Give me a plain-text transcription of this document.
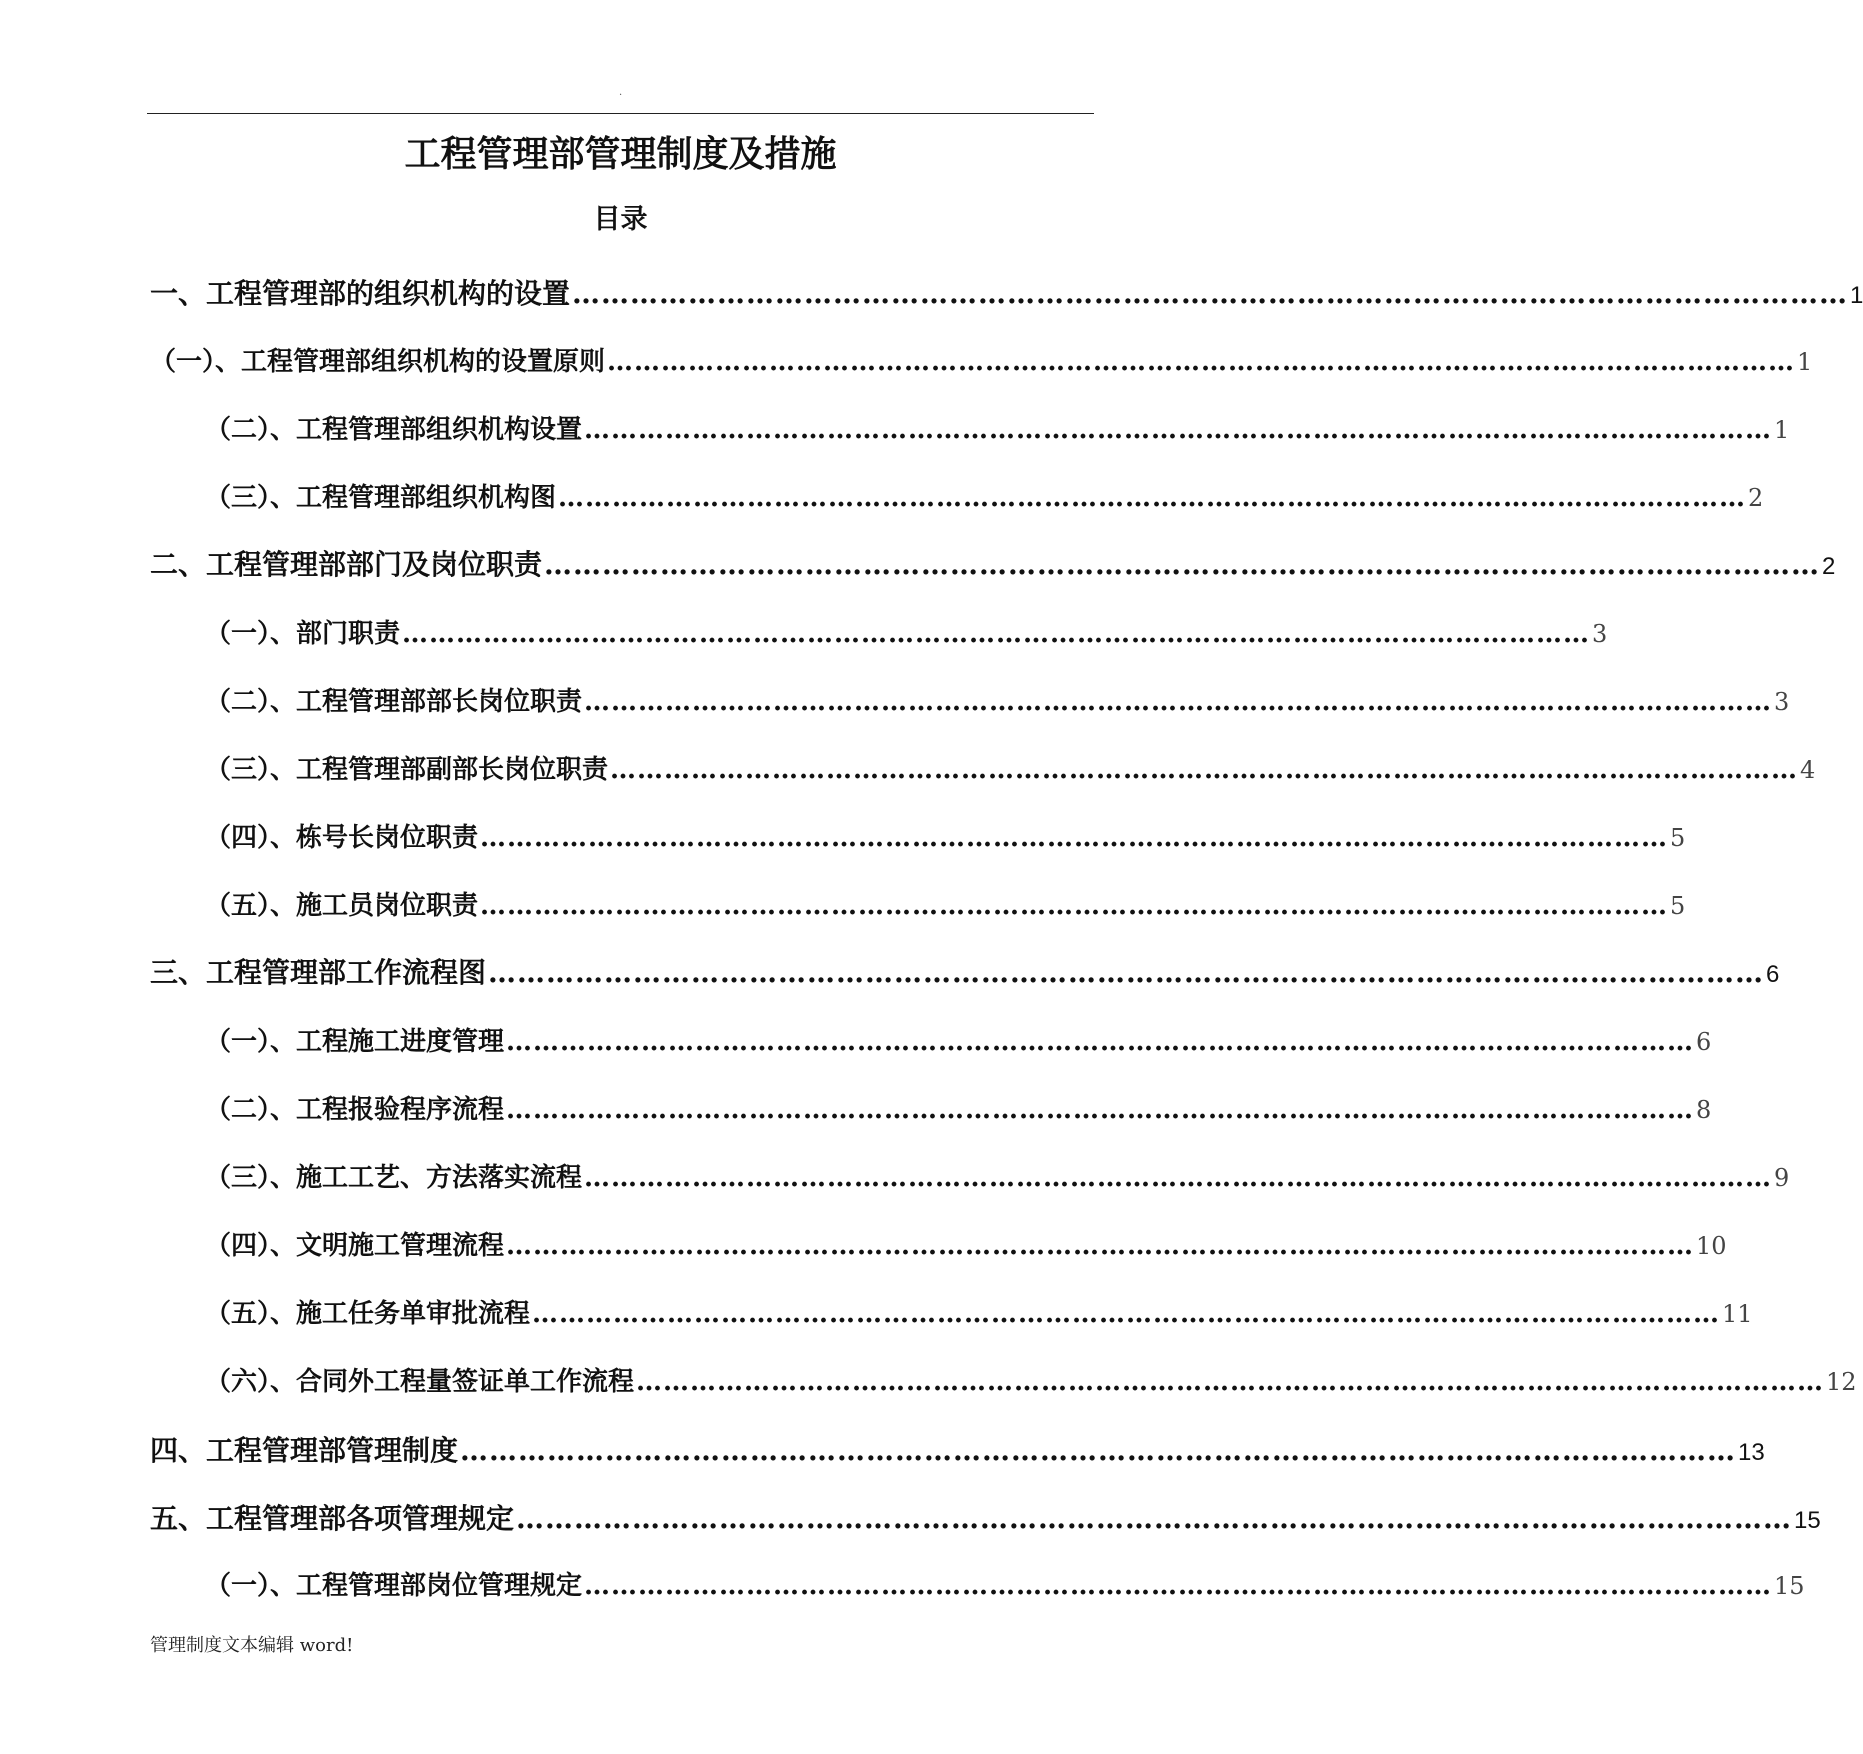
.
工程管理部管理制度及措施
目录
一、工程管理部的组织机构的设置 …………………………………………………………………………………………………………………… 1
（一）、工程管理部组织机构的设置原则 …………………………………………………………………………………………………………………… 1
（二）、工程管理部组织机构设置 …………………………………………………………………………………………………………………… 1
（三）、工程管理部组织机构图 …………………………………………………………………………………………………………………… 2
二、工程管理部部门及岗位职责 …………………………………………………………………………………………………………………… 2
（一）、部门职责 …………………………………………………………………………………………………………………… 3
（二）、工程管理部部长岗位职责 …………………………………………………………………………………………………………………… 3
（三）、工程管理部副部长岗位职责 …………………………………………………………………………………………………………………… 4
（四）、栋号长岗位职责 …………………………………………………………………………………………………………………… 5
（五）、施工员岗位职责 …………………………………………………………………………………………………………………… 5
三、工程管理部工作流程图 …………………………………………………………………………………………………………………… 6
（一）、工程施工进度管理 …………………………………………………………………………………………………………………… 6
（二）、工程报验程序流程 …………………………………………………………………………………………………………………… 8
（三）、施工工艺、方法落实流程 …………………………………………………………………………………………………………………… 9
（四）、文明施工管理流程 …………………………………………………………………………………………………………………… 10
（五）、施工任务单审批流程 …………………………………………………………………………………………………………………… 11
（六）、合同外工程量签证单工作流程 …………………………………………………………………………………………………………………… 12
四、工程管理部管理制度 …………………………………………………………………………………………………………………… 13
五、工程管理部各项管理规定 …………………………………………………………………………………………………………………… 15
（一）、工程管理部岗位管理规定 …………………………………………………………………………………………………………………… 15
管理制度文本编辑 word!
